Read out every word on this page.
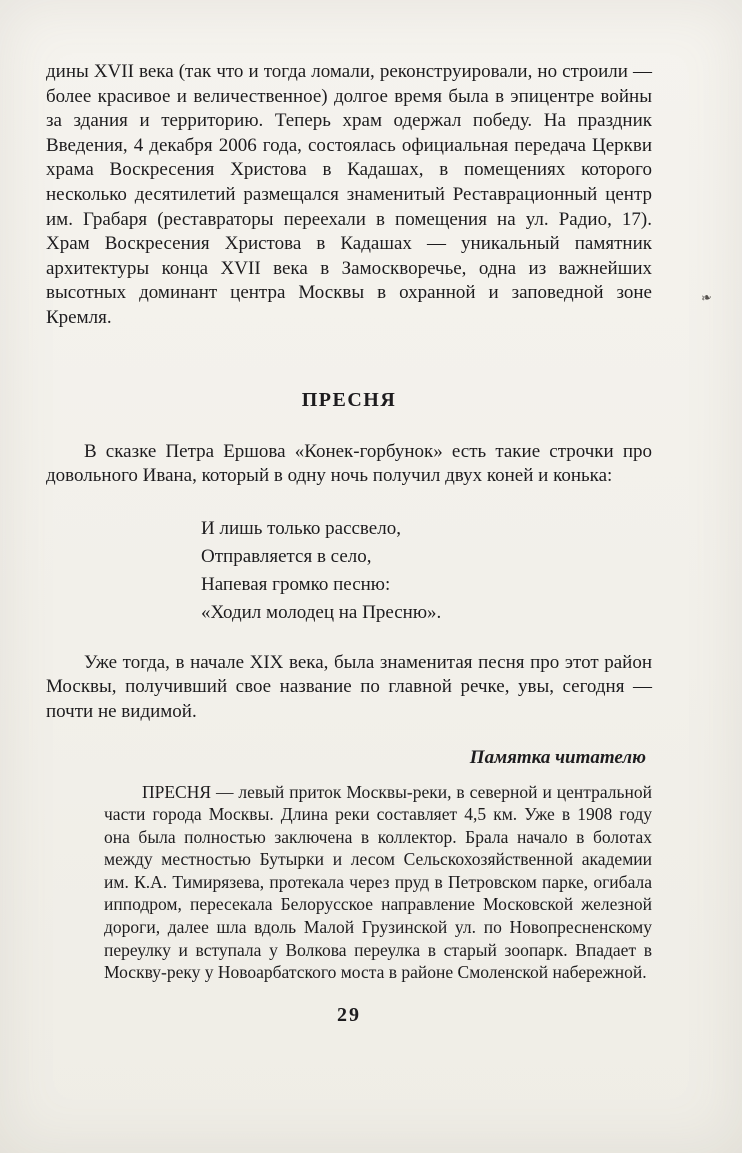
❧

дины XVII века (так что и тогда ломали, реконструировали, но строили — более красивое и величественное) долгое время была в эпицентре войны за здания и территорию. Теперь храм одержал победу. На праздник Введения, 4 декабря 2006 года, состоялась официальная передача Церкви храма Воскресения Христова в Кадашах, в помещениях которого несколько десятилетий размещался знаменитый Реставрационный центр им. Грабаря (реставраторы переехали в помещения на ул. Радио, 17). Храм Воскресения Христова в Кадашах — уникальный памятник архитектуры конца XVII века в Замоскворечье, одна из важнейших высотных доминант центра Москвы в охранной и заповедной зоне Кремля.

ПРЕСНЯ

В сказке Петра Ершова «Конек-горбунок» есть такие строчки про довольного Ивана, который в одну ночь получил двух коней и конька:

И лишь только рассвело,
Отправляется в село,
Напевая громко песню:
«Ходил молодец на Пресню».

Уже тогда, в начале XIX века, была знаменитая песня про этот район Москвы, получивший свое название по главной речке, увы, сегодня — почти не видимой.

Памятка читателю

ПРЕСНЯ — левый приток Москвы-реки, в северной и центральной части города Москвы. Длина реки составляет 4,5 км. Уже в 1908 году она была полностью заключена в коллектор. Брала начало в болотах между местностью Бутырки и лесом Сельскохозяйственной академии им. К.А. Тимирязева, протекала через пруд в Петровском парке, огибала ипподром, пересекала Белорусское направление Московской железной дороги, далее шла вдоль Малой Грузинской ул. по Новопресненскому переулку и вступала у Волкова переулка в старый зоопарк. Впадает в Москву-реку у Новоарбатского моста в районе Смоленской набережной.

29
